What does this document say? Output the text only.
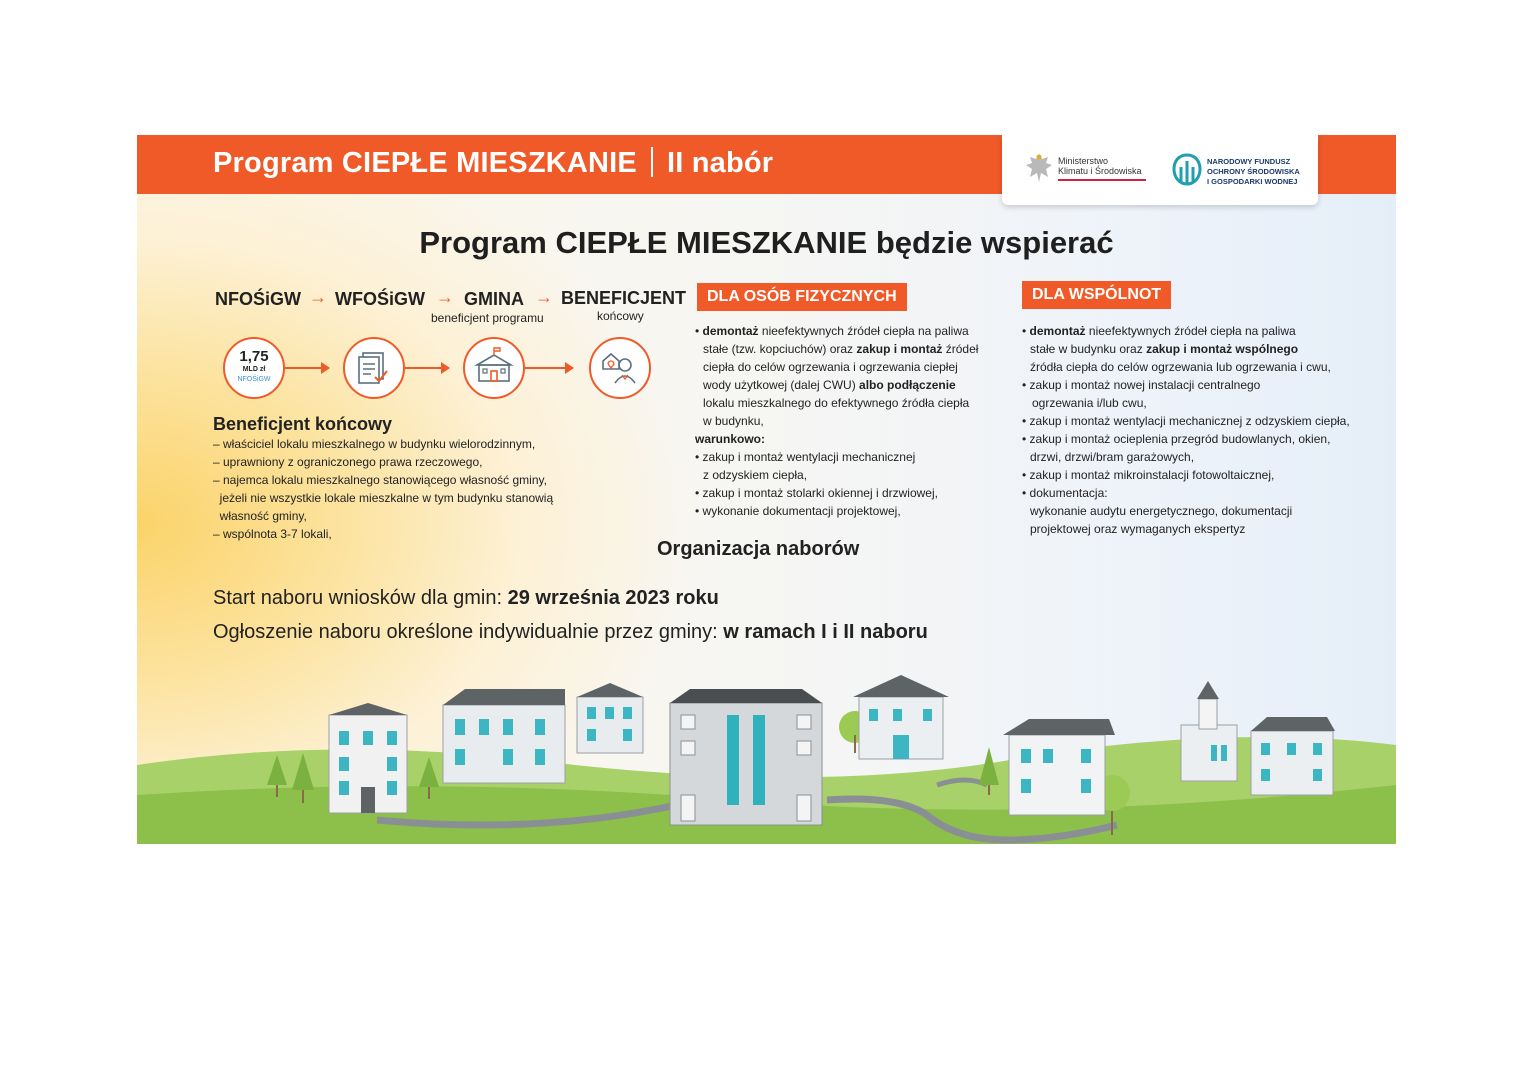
Program CIEPŁE MIESZKANIE II nabór	Ministerstwo
Klimatu i Środowiska
NARODOWY FUNDUSZ
OCHRONY ŚRODOWISKA
I GOSPODARKI WODNEJ
Program CIEPŁE MIESZKANIE będzie wspierać
NFOŚiGW → WFOŚiGW → GMINA
beneficjent programu
→ BENEFICJENT
końcowy
1,75
MLD zł
NFOŚiGW
Beneficjent końcowy
– właściciel lokalu mieszkalnego w budynku wielorodzinnym,
– uprawniony z ograniczonego prawa rzeczowego,
– najemca lokalu mieszkalnego stanowiącego własność gminy,
jeżeli nie wszystkie lokale mieszkalne w tym budynku stanowią
własność gminy,
– wspólnota 3-7 lokali,
DLA OSÓB FIZYCZNYCH
• demontaż nieefektywnych źródeł ciepła na paliwa
stałe (tzw. kopciuchów) oraz zakup i montaż źródeł
ciepła do celów ogrzewania i ogrzewania ciepłej
wody użytkowej (dalej CWU) albo podłączenie
lokalu mieszkalnego do efektywnego źródła ciepła
w budynku,
warunkowo:
• zakup i montaż wentylacji mechanicznej
z odzyskiem ciepła,
• zakup i montaż stolarki okiennej i drzwiowej,
• wykonanie dokumentacji projektowej,
DLA WSPÓLNOT
• demontaż nieefektywnych źródeł ciepła na paliwa
stałe w budynku oraz zakup i montaż wspólnego
źródła ciepła do celów ogrzewania lub ogrzewania i cwu,
• zakup i montaż nowej instalacji centralnego
ogrzewania i/lub cwu,
• zakup i montaż wentylacji mechanicznej z odzyskiem ciepła,
• zakup i montaż ocieplenia przegród budowlanych, okien,
drzwi, drzwi/bram garażowych,
• zakup i montaż mikroinstalacji fotowoltaicznej,
• dokumentacja:
wykonanie audytu energetycznego, dokumentacji
projektowej oraz wymaganych ekspertyz
Organizacja naborów
Start naboru wniosków dla gmin: 29 września 2023 roku
Ogłoszenie naboru określone indywidualnie przez gminy: w ramach I i II naboru
